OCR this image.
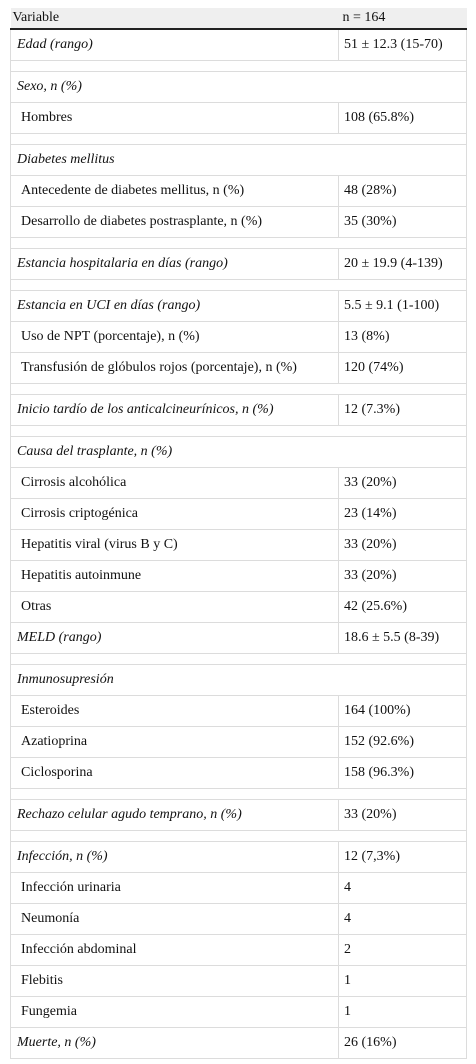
Variable	n = 164
Edad (rango)	51 ± 12.3 (15-70)

Sexo, n (%)	
Hombres	108 (65.8%)

Diabetes mellitus	
Antecedente de diabetes mellitus, n (%)	48 (28%)
Desarrollo de diabetes postrasplante, n (%)	35 (30%)

Estancia hospitalaria en días (rango)	20 ± 19.9 (4-139)

Estancia en UCI en días (rango)	5.5 ± 9.1 (1-100)
Uso de NPT (porcentaje), n (%)	13 (8%)
Transfusión de glóbulos rojos (porcentaje), n (%)	120 (74%)

Inicio tardío de los anticalcineurínicos, n (%)	12 (7.3%)

Causa del trasplante, n (%)	
Cirrosis alcohólica	33 (20%)
Cirrosis criptogénica	23 (14%)
Hepatitis viral (virus B y C)	33 (20%)
Hepatitis autoinmune	33 (20%)
Otras	42 (25.6%)
MELD (rango)	18.6 ± 5.5 (8-39)

Inmunosupresión	
Esteroides	164 (100%)
Azatioprina	152 (92.6%)
Ciclosporina	158 (96.3%)

Rechazo celular agudo temprano, n (%)	33 (20%)

Infección, n (%)	12 (7,3%)
Infección urinaria	4
Neumonía	4
Infección abdominal	2
Flebitis	1
Fungemia	1
Muerte, n (%)	26 (16%)
